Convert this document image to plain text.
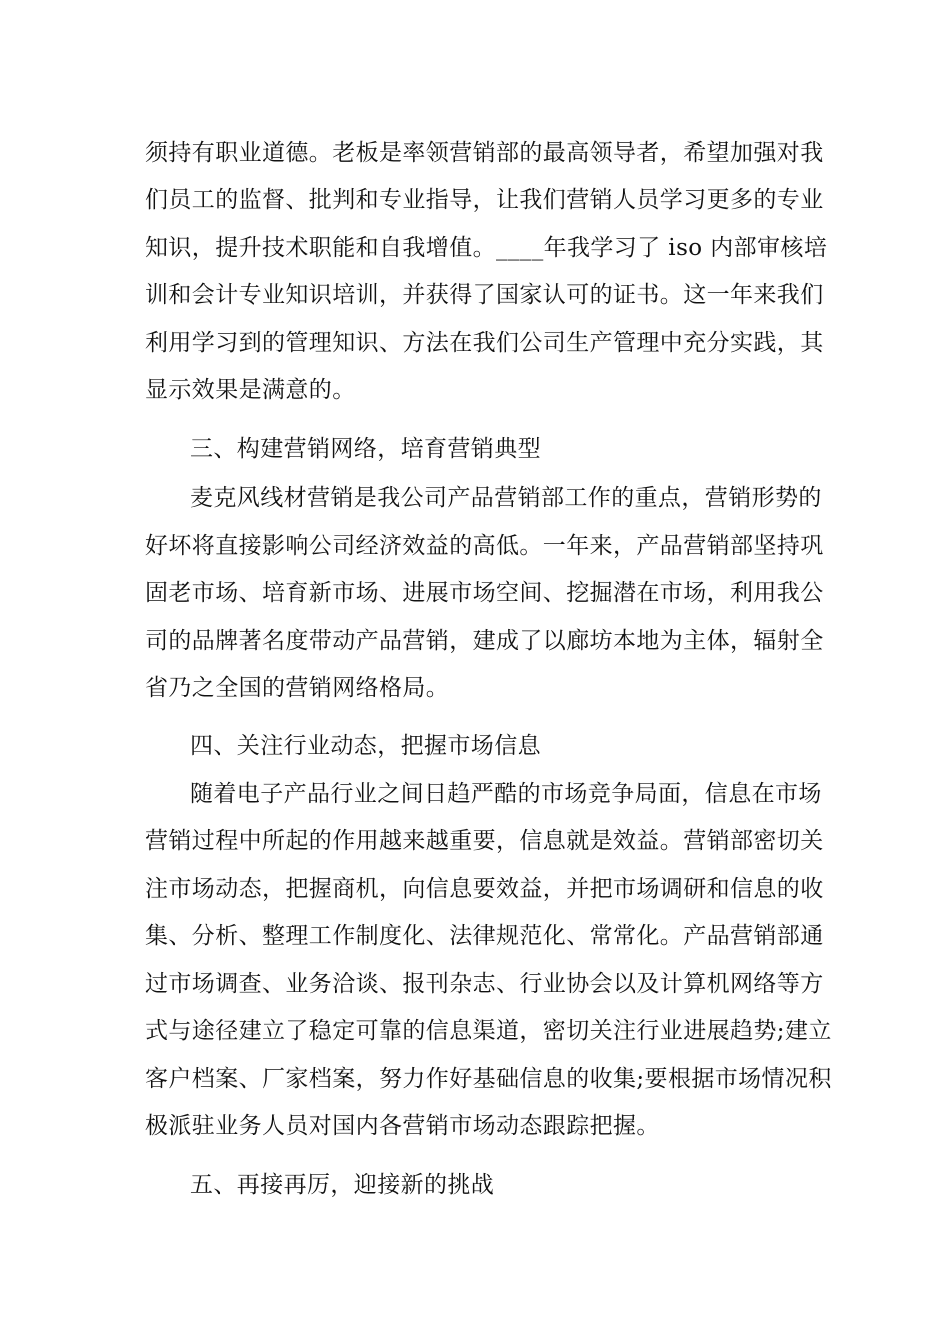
须持有职业道德。老板是率领营销部的最高领导者，希望加强对我
们员工的监督、批判和专业指导，让我们营销人员学习更多的专业
知识，提升技术职能和自我增值。____年我学习了 iso 内部审核培
训和会计专业知识培训，并获得了国家认可的证书。这一年来我们
利用学习到的管理知识、方法在我们公司生产管理中充分实践，其
显示效果是满意的。
三、构建营销网络，培育营销典型
麦克风线材营销是我公司产品营销部工作的重点，营销形势的
好坏将直接影响公司经济效益的高低。一年来，产品营销部坚持巩
固老市场、培育新市场、进展市场空间、挖掘潜在市场，利用我公
司的品牌著名度带动产品营销，建成了以廊坊本地为主体，辐射全
省乃之全国的营销网络格局。
四、关注行业动态，把握市场信息
随着电子产品行业之间日趋严酷的市场竞争局面，信息在市场
营销过程中所起的作用越来越重要，信息就是效益。营销部密切关
注市场动态，把握商机，向信息要效益，并把市场调研和信息的收
集、分析、整理工作制度化、法律规范化、常常化。产品营销部通
过市场调查、业务洽谈、报刊杂志、行业协会以及计算机网络等方
式与途径建立了稳定可靠的信息渠道，密切关注行业进展趋势;建立
客户档案、厂家档案，努力作好基础信息的收集;要根据市场情况积
极派驻业务人员对国内各营销市场动态跟踪把握。
五、再接再厉，迎接新的挑战
